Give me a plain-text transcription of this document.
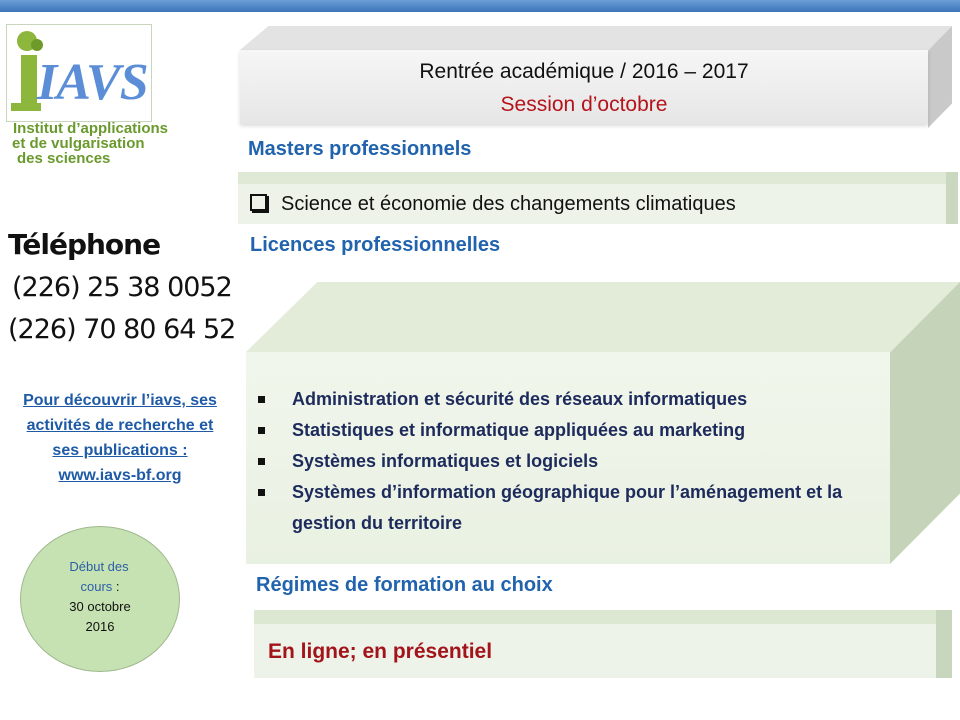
IAVS
Institut d’applications
et de vulgarisation
des sciences
Téléphone
(226) 25 38 0052
(226) 70 80 64 52
Pour découvrir l’iavs, ses
activités de recherche et
ses publications :
www.iavs-bf.org
Début des
cours :
30 octobre
2016
Rentrée académique / 2016 – 2017
Session d’octobre
Masters professionnels
Science et économie des changements climatiques
Licences professionnelles
Administration et sécurité des réseaux informatiques
Statistiques et informatique appliquées au marketing
Systèmes informatiques et logiciels
Systèmes d’information géographique pour l’aménagement et la gestion du territoire
Régimes de formation au choix
En ligne; en présentiel
